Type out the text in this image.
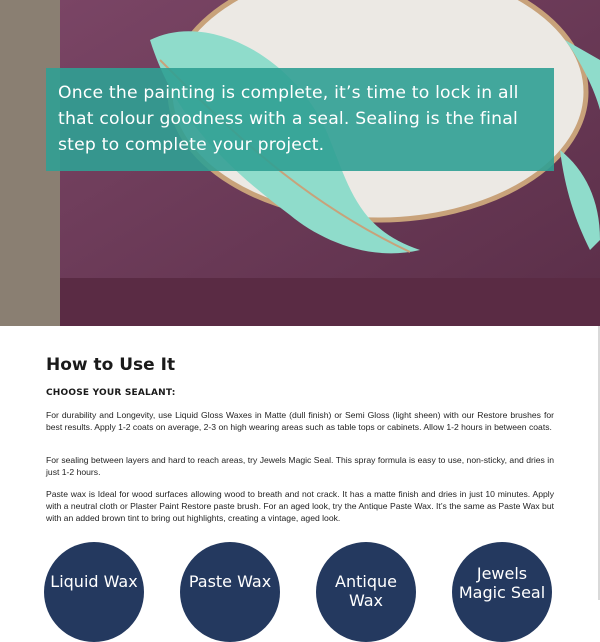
Once the painting is complete, it’s time to lock in all that colour goodness with a seal. Sealing is the final step to complete your project.

How to Use It
CHOOSE YOUR SEALANT:

For durability and Longevity, use Liquid Gloss Waxes in Matte (dull finish) or Semi Gloss (light sheen) with our Restore brushes for best results. Apply 1-2 coats on average, 2-3 on high wearing areas such as table tops or cabinets. Allow 1-2 hours in between coats.

For sealing between layers and hard to reach areas, try Jewels Magic Seal. This spray formula is easy to use, non-sticky, and dries in just 1-2 hours.

Paste wax is Ideal for wood surfaces allowing wood to breath and not crack. It has a matte finish and dries in just 10 minutes. Apply with a neutral cloth or Plaster Paint Restore paste brush. For an aged look, try the Antique Paste Wax. It’s the same as Paste Wax but with an added brown tint to bring out highlights, creating a vintage, aged look.

Liquid Wax	Paste Wax	Antique Wax
Jewels Magic Seal
